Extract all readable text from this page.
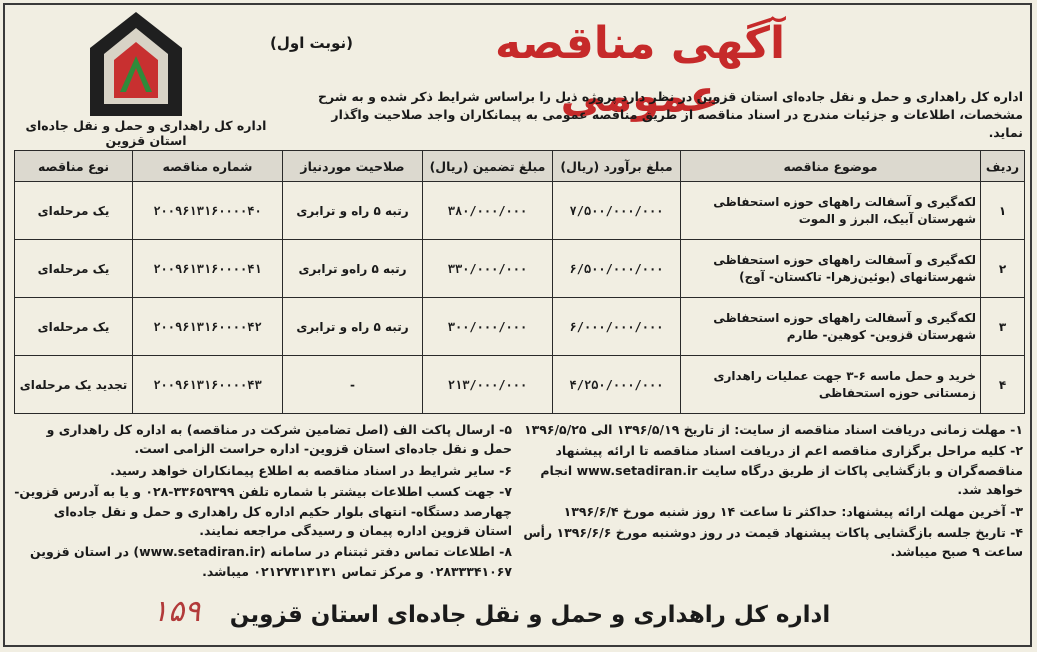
اداره کل راهداری و حمل و نقل جاده‌ای استان قزوین
(نوبت اول)	آگهی مناقصه عمومی
اداره کل راهداری و حمل و نقل جاده‌ای استان قزوین در نظر دارد پروژه ذیل را براساس شرایط ذکر شده و به شرح مشخصات، اطلاعات و جزئیات مندرج در اسناد مناقصه از طریق مناقصه عمومی به پیمانکاران واجد صلاحیت واگذار نماید.
ردیف	موضوع مناقصه	مبلغ برآورد (ریال)	مبلغ تضمین (ریال)	صلاحیت موردنیاز	شماره مناقصه	نوع مناقصه
۱	لکه‌گیری و آسفالت راههای حوزه استحفاظی شهرستان آبیک، البرز و الموت	۷/۵۰۰/۰۰۰/۰۰۰	۳۸۰/۰۰۰/۰۰۰	رتبه ۵ راه و ترابری	۲۰۰۹۶۱۳۱۶۰۰۰۰۴۰	یک مرحله‌ای
۲	لکه‌گیری و آسفالت راههای حوزه استحفاظی شهرستانهای (بوئین‌زهرا- تاکستان- آوج)	۶/۵۰۰/۰۰۰/۰۰۰	۳۳۰/۰۰۰/۰۰۰	رتبه ۵ راه‌و ترابری	۲۰۰۹۶۱۳۱۶۰۰۰۰۴۱	یک مرحله‌ای
۳	لکه‌گیری و آسفالت راههای حوزه استحفاظی شهرستان قزوین- کوهین- طارم	۶/۰۰۰/۰۰۰/۰۰۰	۳۰۰/۰۰۰/۰۰۰	رتبه ۵ راه و ترابری	۲۰۰۹۶۱۳۱۶۰۰۰۰۴۲	یک مرحله‌ای
۴	خرید و حمل ماسه ۶-۳ جهت عملیات راهداری زمستانی حوزه استحفاظی	۴/۲۵۰/۰۰۰/۰۰۰	۲۱۳/۰۰۰/۰۰۰	-	۲۰۰۹۶۱۳۱۶۰۰۰۰۴۳	تجدید یک مرحله‌ای

۱- مهلت زمانی دریافت اسناد مناقصه از سایت: از تاریخ ۱۳۹۶/۵/۱۹ الی ۱۳۹۶/۵/۲۵

۲- کلیه مراحل برگزاری مناقصه اعم از دریافت اسناد مناقصه تا ارائه پیشنهاد مناقصه‌گران و بازگشایی پاکات از طریق درگاه سایت www.setadiran.ir انجام خواهد شد.

۳- آخرین مهلت ارائه پیشنهاد: حداکثر تا ساعت ۱۴ روز شنبه مورخ ۱۳۹۶/۶/۴

۴- تاریخ جلسه بازگشایی پاکات پیشنهاد قیمت در روز دوشنبه مورخ ۱۳۹۶/۶/۶ رأس ساعت ۹ صبح میباشد.

۵- ارسال پاکت الف (اصل تضامین شرکت در مناقصه) به اداره کل راهداری و حمل و نقل جاده‌ای استان قزوین- اداره حراست الزامی است.

۶- سایر شرایط در اسناد مناقصه به اطلاع پیمانکاران خواهد رسید.

۷- جهت کسب اطلاعات بیشتر با شماره تلفن ۳۳۶۵۹۳۹۹-۰۲۸ و یا به آدرس قزوین- چهارصد دستگاه- انتهای بلوار حکیم اداره کل راهداری و حمل و نقل جاده‌ای استان قزوین اداره پیمان و رسیدگی مراجعه نمایند.

۸- اطلاعات تماس دفتر ثبتنام در سامانه (www.setadiran.ir) در استان قزوین ۰۲۸۳۳۳۴۱۰۶۷ و مرکز تماس ۰۲۱۲۷۳۱۳۱۳۱ میباشد.

۱۵۹	اداره کل راهداری و حمل و نقل جاده‌ای استان قزوین
